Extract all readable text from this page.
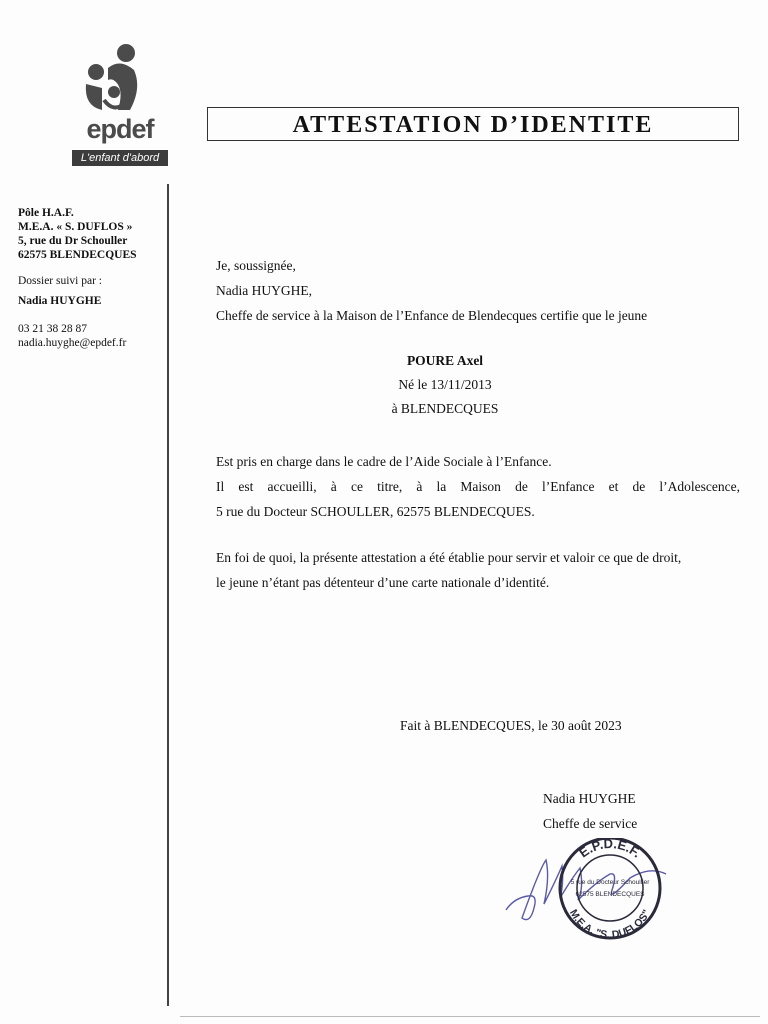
epdef
L'enfant d'abord
ATTESTATION D’IDENTITE
Pôle H.A.F.
M.E.A. « S. DUFLOS »
5, rue du Dr Schouller
62575 BLENDECQUES
Dossier suivi par :
Nadia HUYGHE
03 21 38 28 87
nadia.huyghe@epdef.fr
Je, soussignée,
Nadia HUYGHE,
Cheffe de service à la Maison de l’Enfance de Blendecques certifie que le jeune
POURE Axel
Né le 13/11/2013
à BLENDECQUES
Est pris en charge dans le cadre de l’Aide Sociale à l’Enfance.
Il est accueilli, à ce titre, à la Maison de l’Enfance et de l’Adolescence,
5 rue du Docteur SCHOULLER, 62575 BLENDECQUES.
En foi de quoi, la présente attestation a été établie pour servir et valoir ce que de droit,
le jeune n’étant pas détenteur d’une carte nationale d’identité.
Fait à BLENDECQUES, le 30 août 2023
Nadia HUYGHE
Cheffe de service
E.P.D.E.F.
M.E.A. "S. DUFLOS"
5 rue du Docteur Schoulller
62575 BLENDECQUES
